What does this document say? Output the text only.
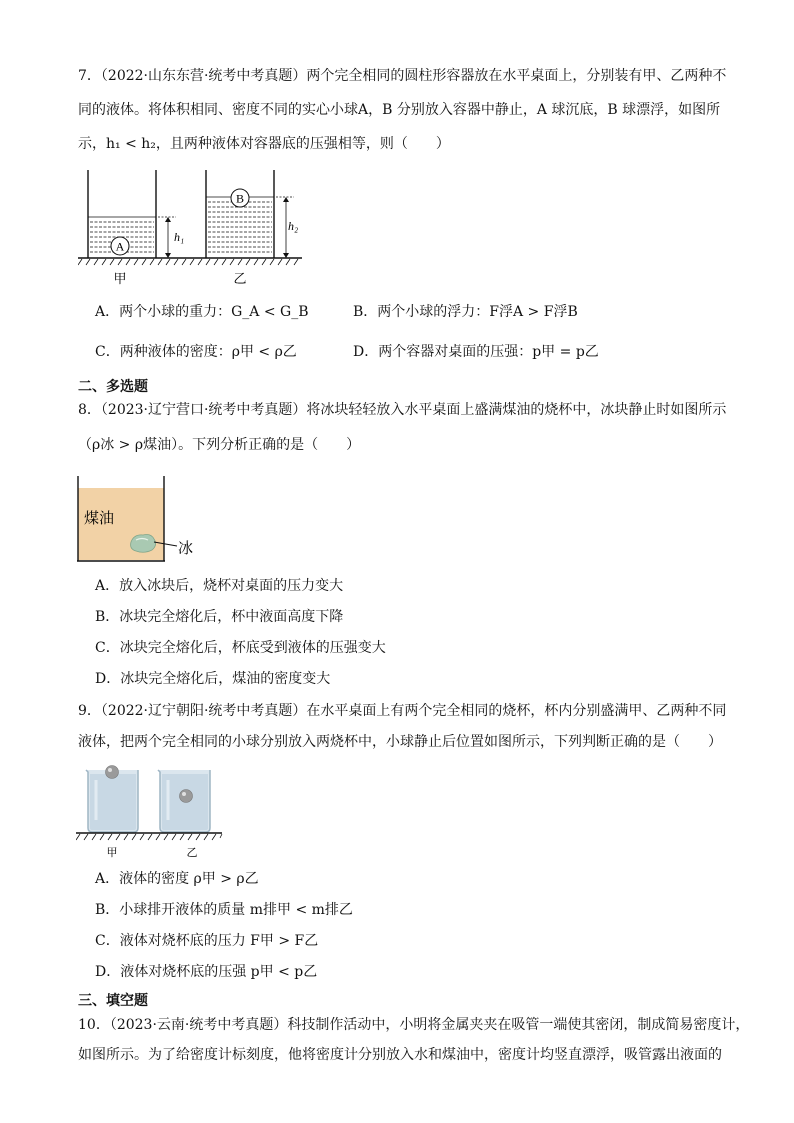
7．（2022·山东东营·统考中考真题）两个完全相同的圆柱形容器放在水平桌面上，分别装有甲、乙两种不
同的液体。将体积相同、密度不同的实心小球A，B 分别放入容器中静止，A 球沉底，B 球漂浮，如图所
示，h₁ < h₂，且两种液体对容器底的压强相等，则（　　）
A
h₁
B
h₂
甲	乙
A．两个小球的重力：G_A < G_B	B．两个小球的浮力：F浮A > F浮B
C．两种液体的密度：ρ甲 < ρ乙	D．两个容器对桌面的压强：p甲 = p乙
二、多选题
8．（2023·辽宁营口·统考中考真题）将冰块轻轻放入水平桌面上盛满煤油的烧杯中，冰块静止时如图所示
（ρ冰 > ρ煤油）。下列分析正确的是（　　）
煤油
冰
A．放入冰块后，烧杯对桌面的压力变大
B．冰块完全熔化后，杯中液面高度下降
C．冰块完全熔化后，杯底受到液体的压强变大
D．冰块完全熔化后，煤油的密度变大
9．（2022·辽宁朝阳·统考中考真题）在水平桌面上有两个完全相同的烧杯，杯内分别盛满甲、乙两种不同
液体，把两个完全相同的小球分别放入两烧杯中，小球静止后位置如图所示，下列判断正确的是（　　）
甲	乙
A．液体的密度 ρ甲 > ρ乙
B．小球排开液体的质量 m排甲 < m排乙
C．液体对烧杯底的压力 F甲 > F乙
D．液体对烧杯底的压强 p甲 < p乙
三、填空题
10．（2023·云南·统考中考真题）科技制作活动中，小明将金属夹夹在吸管一端使其密闭，制成简易密度计，
如图所示。为了给密度计标刻度，他将密度计分别放入水和煤油中，密度计均竖直漂浮，吸管露出液面的
